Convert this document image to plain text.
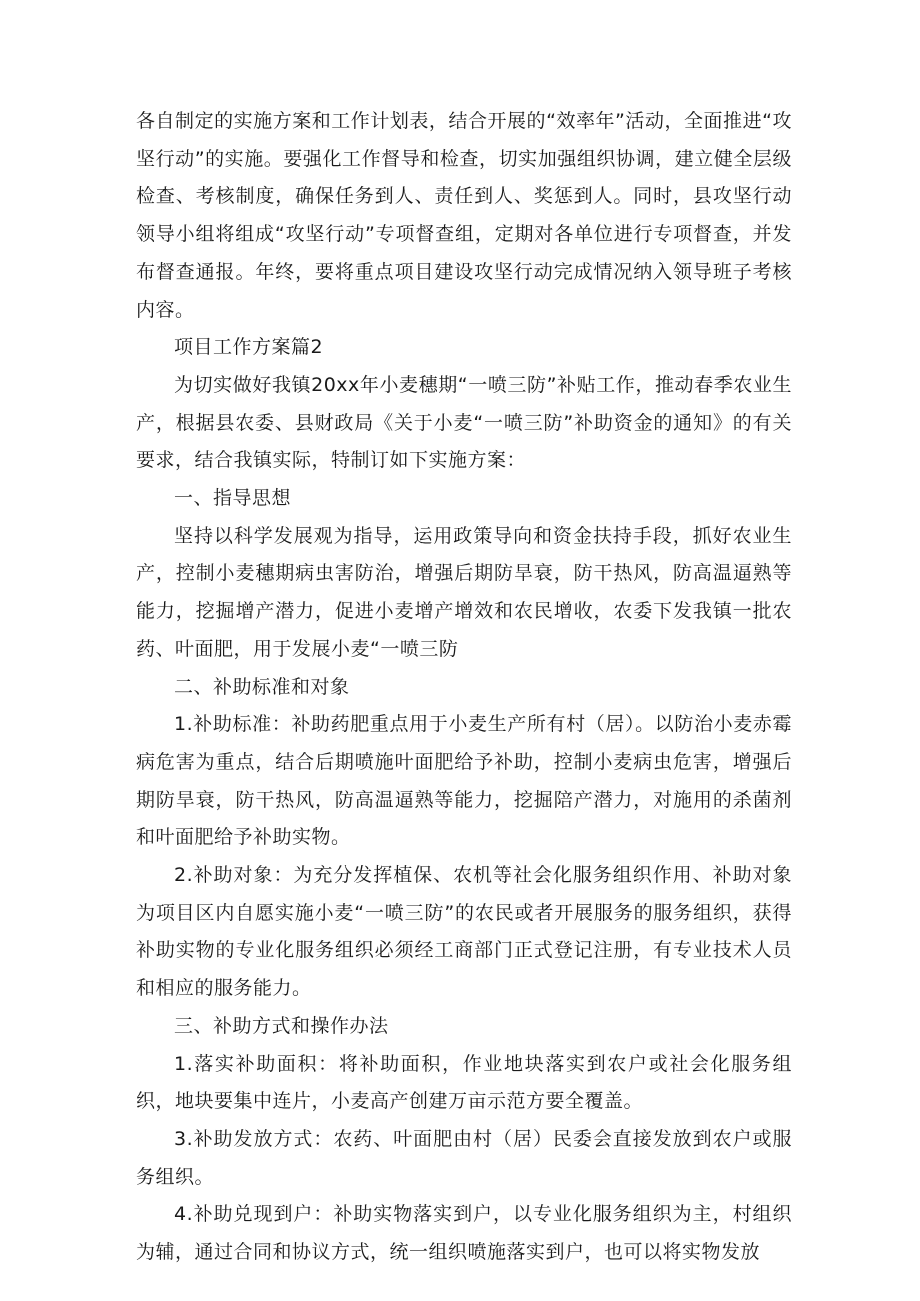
各自制定的实施方案和工作计划表，结合开展的“效率年”活动，全面推进“攻坚行动”的实施。要强化工作督导和检查，切实加强组织协调，建立健全层级检查、考核制度，确保任务到人、责任到人、奖惩到人。同时，县攻坚行动领导小组将组成“攻坚行动”专项督查组，定期对各单位进行专项督查，并发布督查通报。年终，要将重点项目建设攻坚行动完成情况纳入领导班子考核内容。

项目工作方案篇2

为切实做好我镇20xx年小麦穗期“一喷三防”补贴工作，推动春季农业生产，根据县农委、县财政局《关于小麦“一喷三防”补助资金的通知》的有关要求，结合我镇实际，特制订如下实施方案：

一、指导思想

坚持以科学发展观为指导，运用政策导向和资金扶持手段，抓好农业生产，控制小麦穗期病虫害防治，增强后期防旱衰，防干热风，防高温逼熟等能力，挖掘增产潜力，促进小麦增产增效和农民增收，农委下发我镇一批农药、叶面肥，用于发展小麦“一喷三防

二、补助标准和对象

1.补助标准：补助药肥重点用于小麦生产所有村（居）。以防治小麦赤霉病危害为重点，结合后期喷施叶面肥给予补助，控制小麦病虫危害，增强后期防旱衰，防干热风，防高温逼熟等能力，挖掘陪产潜力，对施用的杀菌剂和叶面肥给予补助实物。

2.补助对象：为充分发挥植保、农机等社会化服务组织作用、补助对象为项目区内自愿实施小麦“一喷三防”的农民或者开展服务的服务组织，获得补助实物的专业化服务组织必须经工商部门正式登记注册，有专业技术人员和相应的服务能力。

三、补助方式和操作办法

1.落实补助面积：将补助面积，作业地块落实到农户或社会化服务组织，地块要集中连片，小麦高产创建万亩示范方要全覆盖。

3.补助发放方式：农药、叶面肥由村（居）民委会直接发放到农户或服务组织。

4.补助兑现到户：补助实物落实到户，以专业化服务组织为主，村组织为辅，通过合同和协议方式，统一组织喷施落实到户，也可以将实物发放
